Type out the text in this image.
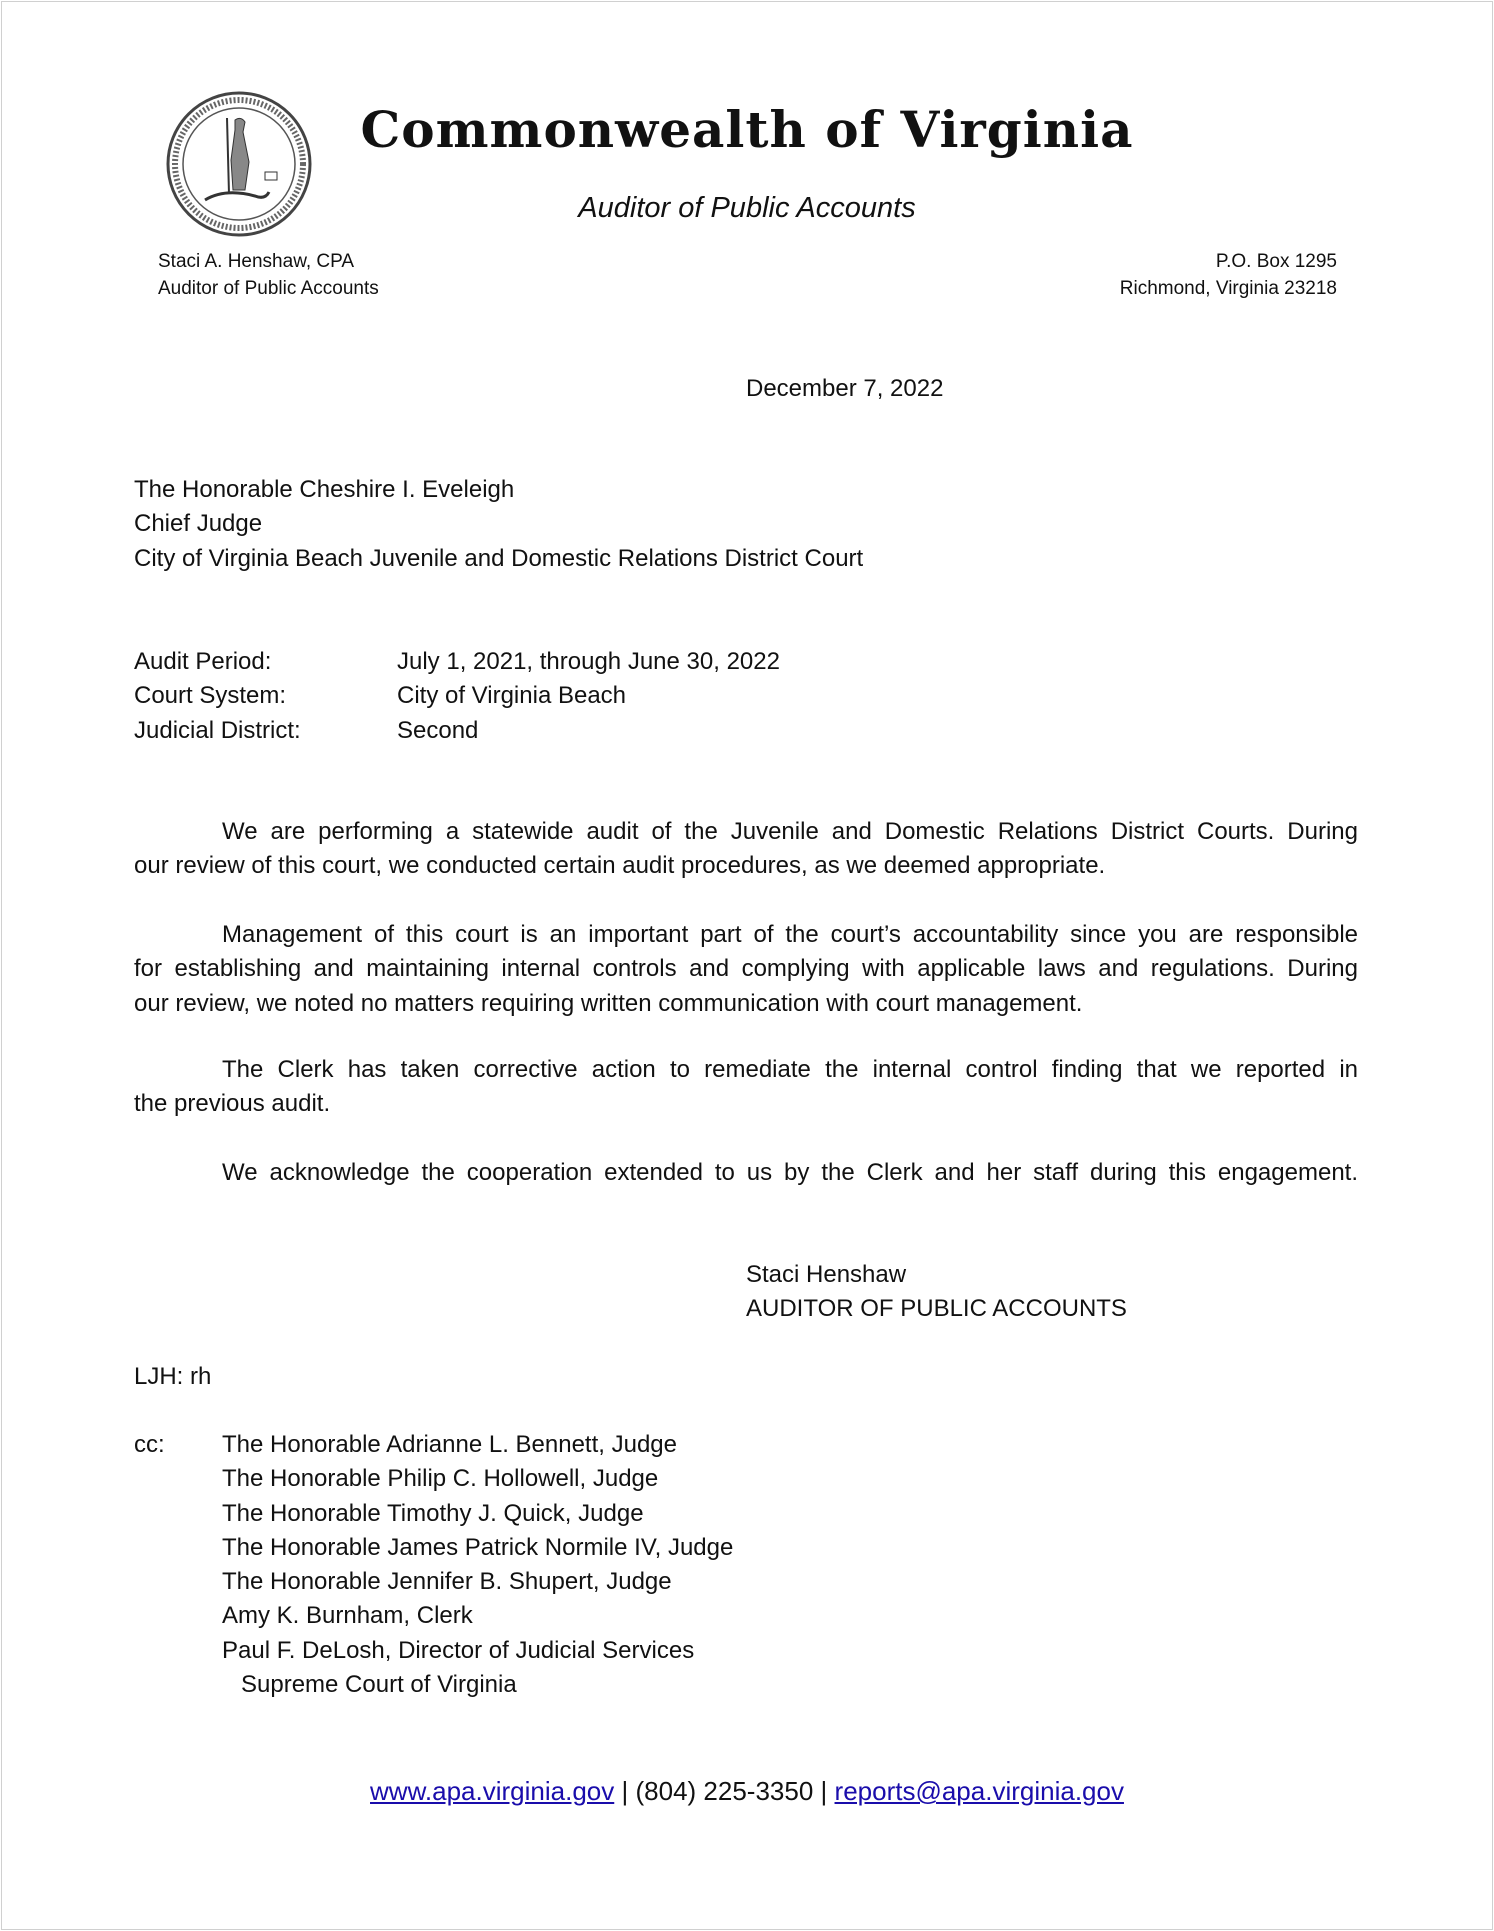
Commonwealth of Virginia
Auditor of Public Accounts
Staci A. Henshaw, CPA
Auditor of Public Accounts
P.O. Box 1295
Richmond, Virginia 23218
December 7, 2022
The Honorable Cheshire I. Eveleigh
Chief Judge
City of Virginia Beach Juvenile and Domestic Relations District Court
Audit Period:	July 1, 2021, through June 30, 2022
Court System:	City of Virginia Beach
Judicial District:	Second
We are performing a statewide audit of the Juvenile and Domestic Relations District Courts. During
our review of this court, we conducted certain audit procedures, as we deemed appropriate.
Management of this court is an important part of the court’s accountability since you are responsible
for establishing and maintaining internal controls and complying with applicable laws and regulations. During
our review, we noted no matters requiring written communication with court management.
The Clerk has taken corrective action to remediate the internal control finding that we reported in
the previous audit.
We acknowledge the cooperation extended to us by the Clerk and her staff during this engagement.
Staci Henshaw
AUDITOR OF PUBLIC ACCOUNTS
LJH: rh
cc:	The Honorable Adrianne L. Bennett, Judge
The Honorable Philip C. Hollowell, Judge
The Honorable Timothy J. Quick, Judge
The Honorable James Patrick Normile IV, Judge
The Honorable Jennifer B. Shupert, Judge
Amy K. Burnham, Clerk
Paul F. DeLosh, Director of Judicial Services
Supreme Court of Virginia
www.apa.virginia.gov | (804) 225-3350 | reports@apa.virginia.gov
